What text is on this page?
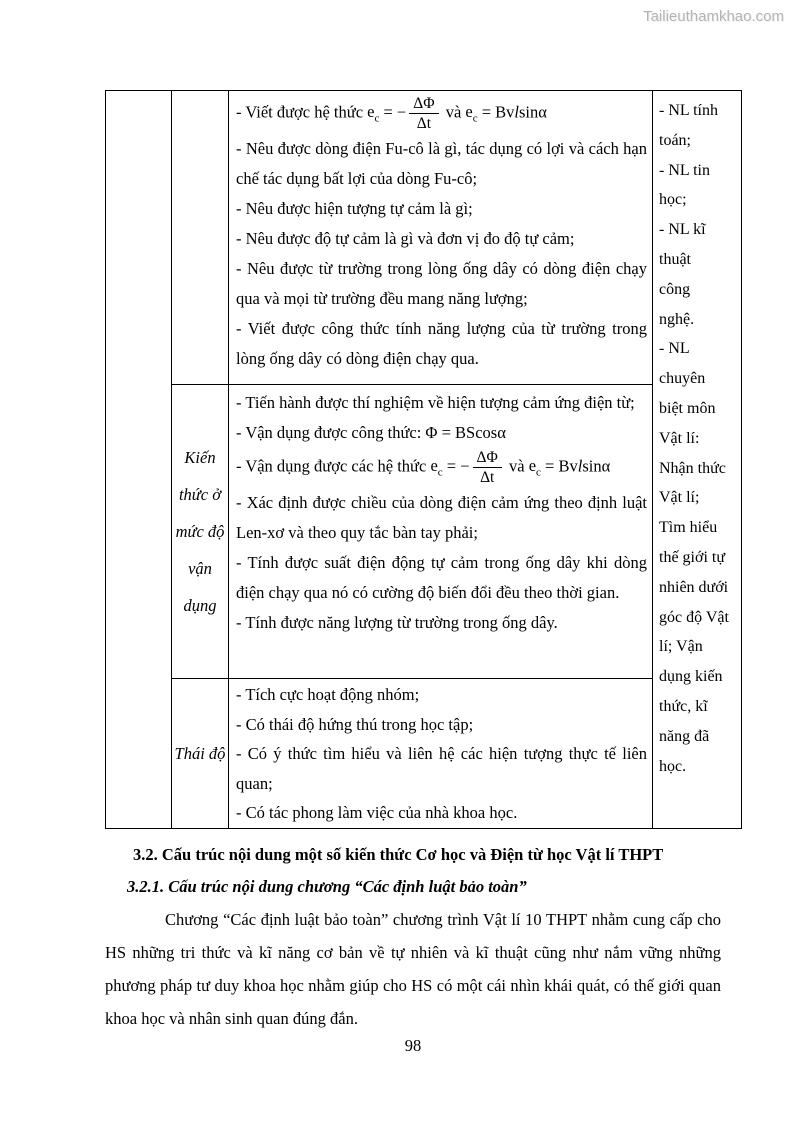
Tailieuthamkhao.com

- Viết được hệ thức $e_c$ = − $\frac{\Delta\Phi}{\Delta t}$ và $e_c = Bvlsin\alpha$

- Nêu được dòng điện Fu-cô là gì, tác dụng có lợi và cách hạn chế tác dụng bất lợi của dòng Fu-cô;

- Nêu được hiện tượng tự cảm là gì;

- Nêu được độ tự cảm là gì và đơn vị đo độ tự cảm;

- Nêu được từ trường trong lòng ống dây có dòng điện chạy qua và mọi từ trường đều mang năng lượng;

- Viết được công thức tính năng lượng của từ trường trong lòng ống dây có dòng điện chạy qua.

Kiến thức ở mức độ vận dụng

- Tiến hành được thí nghiệm về hiện tượng cảm ứng điện từ;

- Vận dụng được công thức: Φ = BScosα

- Vận dụng được các hệ thức $e_c$ = − $\frac{\Delta\Phi}{\Delta t}$ và $e_c = Bvlsin\alpha$

- Xác định được chiều của dòng điện cảm ứng theo định luật Len-xơ và theo quy tắc bàn tay phải;

- Tính được suất điện động tự cảm trong ống dây khi dòng điện chạy qua nó có cường độ biến đổi đều theo thời gian.

- Tính được năng lượng từ trường trong ống dây.

Thái độ

- Tích cực hoạt động nhóm;

- Có thái độ hứng thú trong học tập;

- Có ý thức tìm hiểu và liên hệ các hiện tượng thực tế liên quan;

- Có tác phong làm việc của nhà khoa học.

- NL tính
toán;
- NL tin
học;
- NL kĩ
thuật
công
nghệ.
- NL
chuyên
biệt môn
Vật lí:
Nhận thức
Vật lí;
Tìm hiểu
thế giới tự
nhiên dưới
góc độ Vật
lí; Vận
dụng kiến
thức, kĩ
năng đã
học.
3.2. Cấu trúc nội dung một số kiến thức Cơ học và Điện từ học Vật lí THPT
3.2.1. Cấu trúc nội dung chương “Các định luật bảo toàn”

Chương “Các định luật bảo toàn” chương trình Vật lí 10 THPT nhằm cung cấp cho HS những tri thức và kĩ năng cơ bản về tự nhiên và kĩ thuật cũng như nắm vững những phương pháp tư duy khoa học nhằm giúp cho HS có một cái nhìn khái quát, có thế giới quan khoa học và nhân sinh quan đúng đắn.

98
